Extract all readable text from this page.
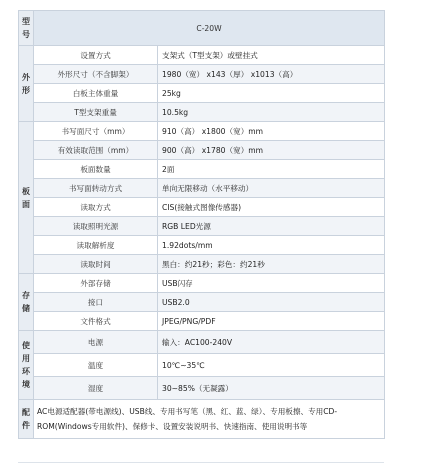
型号	C-20W	
外形	设置方式	支架式（T型支架）或壁挂式
	外形尺寸（不含脚架）	1980（宽） x143（厚） x1013（高）
	白板主体重量	25kg
	T型支架重量	10.5kg
板面	书写面尺寸（mm）	910（高） x1800（宽）mm
	有效读取范围（mm）	900（高） x1780（宽）mm
	板面数量	2面
	书写面转动方式	单向无限移动（水平移动）
	读取方式	CIS(接触式图像传感器)
	读取照明光源	RGB LED光源
	读取解析度	1.92dots/mm
	读取时间	黑白：约21秒；彩色：约21秒
存储	外部存储	USB闪存
	接口	USB2.0
	文件格式	JPEG/PNG/PDF
使用环境	电源	输入：AC100-240V
	温度	10℃~35℃
	湿度	30~85%（无凝露）
配件	AC电源适配器(带电源线)、USB线、专用书写笔（黑、红、蓝、绿）、专用板擦、专用CD-ROM(Windows专用软件)、保修卡、设置安装说明书、快速指南、使用说明书等	
